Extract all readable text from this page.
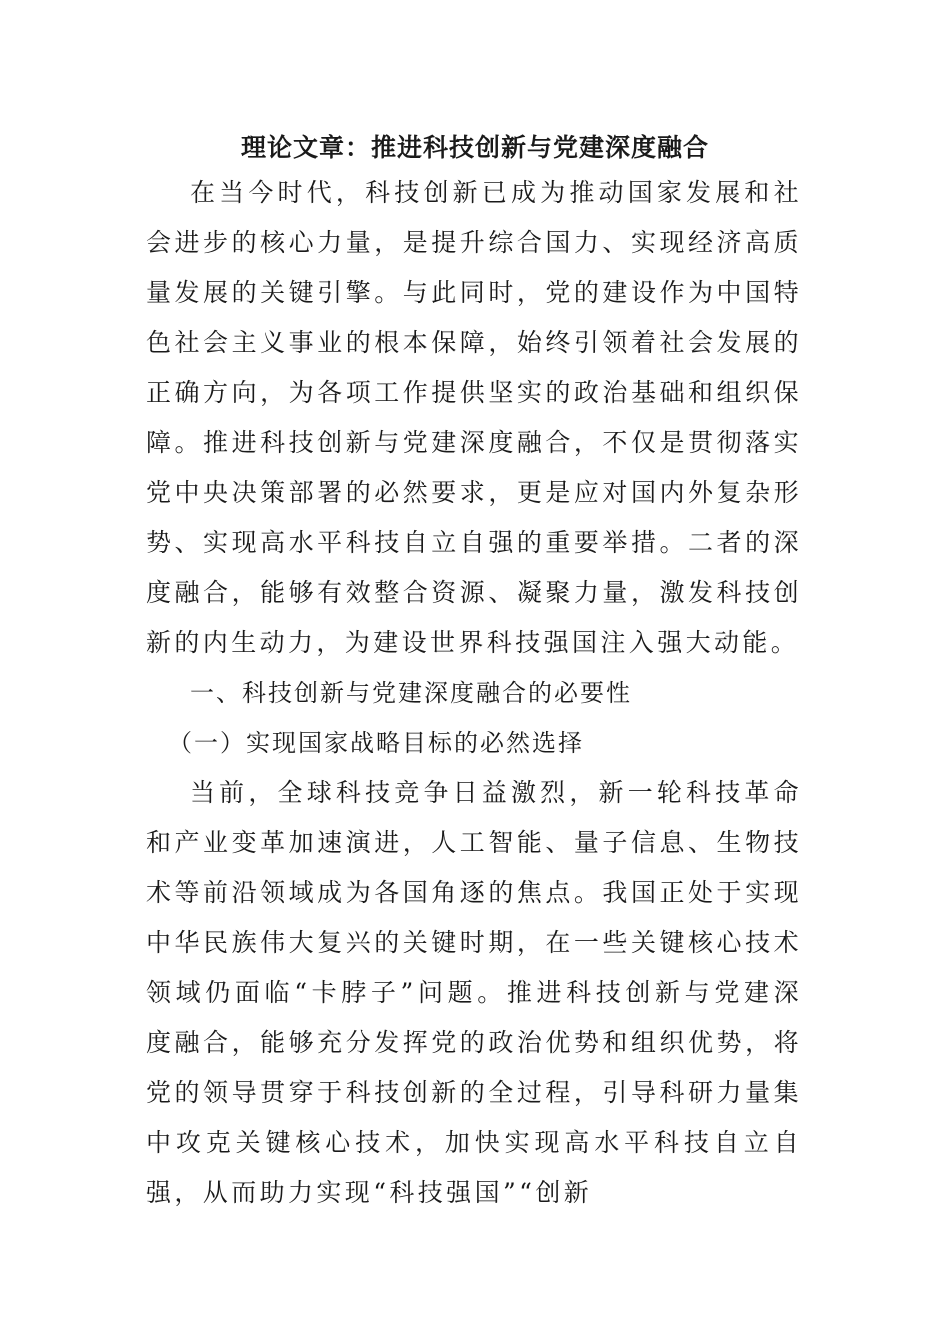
理论文章：推进科技创新与党建深度融合

在当今时代，科技创新已成为推动国家发展和社会进步的核心力量，是提升综合国力、实现经济高质量发展的关键引擎。与此同时，党的建设作为中国特色社会主义事业的根本保障，始终引领着社会发展的正确方向，为各项工作提供坚实的政治基础和组织保障。推进科技创新与党建深度融合，不仅是贯彻落实党中央决策部署的必然要求，更是应对国内外复杂形势、实现高水平科技自立自强的重要举措。二者的深度融合，能够有效整合资源、凝聚力量，激发科技创新的内生动力，为建设世界科技强国注入强大动能。

一、科技创新与党建深度融合的必要性

（一）实现国家战略目标的必然选择

当前，全球科技竞争日益激烈，新一轮科技革命和产业变革加速演进，人工智能、量子信息、生物技术等前沿领域成为各国角逐的焦点。我国正处于实现中华民族伟大复兴的关键时期，在一些关键核心技术领域仍面临“卡脖子”问题。推进科技创新与党建深度融合，能够充分发挥党的政治优势和组织优势，将党的领导贯穿于科技创新的全过程，引导科研力量集中攻克关键核心技术，加快实现高水平科技自立自强，从而助力实现“科技强国”“创新
